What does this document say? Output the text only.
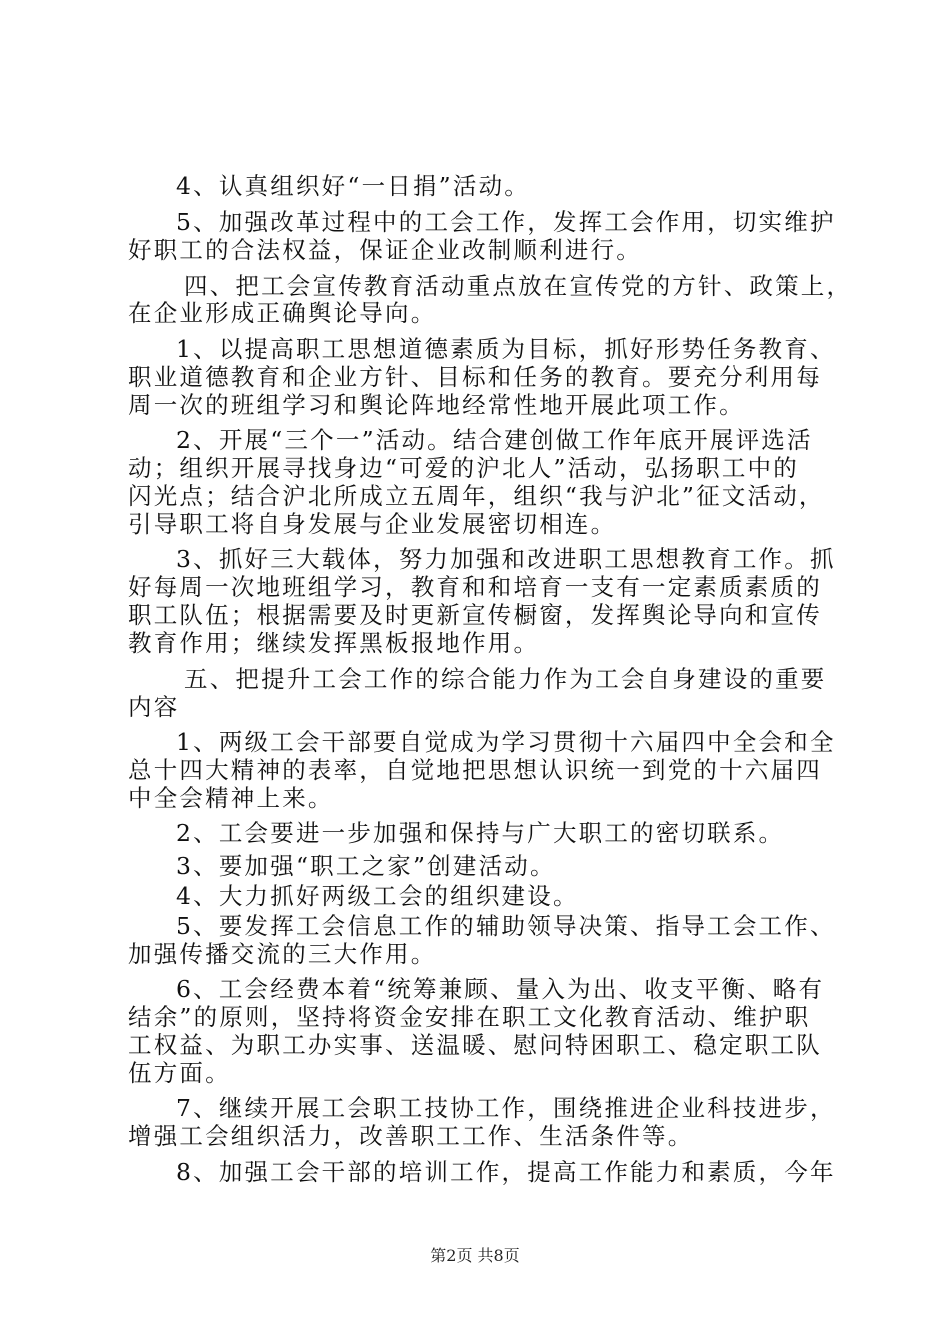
4、认真组织好“一日捐”活动。
5、加强改革过程中的工会工作，发挥工会作用，切实维护
好职工的合法权益，保证企业改制顺利进行。
四、把工会宣传教育活动重点放在宣传党的方针、政策上，
在企业形成正确舆论导向。
1、以提高职工思想道德素质为目标，抓好形势任务教育、
职业道德教育和企业方针、目标和任务的教育。要充分利用每
周一次的班组学习和舆论阵地经常性地开展此项工作。
2、开展“三个一”活动。结合建创做工作年底开展评选活
动；组织开展寻找身边“可爱的沪北人”活动，弘扬职工中的
闪光点；结合沪北所成立五周年，组织“我与沪北”征文活动，
引导职工将自身发展与企业发展密切相连。
3、抓好三大载体，努力加强和改进职工思想教育工作。抓
好每周一次地班组学习，教育和和培育一支有一定素质素质的
职工队伍；根据需要及时更新宣传橱窗，发挥舆论导向和宣传
教育作用；继续发挥黑板报地作用。
五、把提升工会工作的综合能力作为工会自身建设的重要
内容
1、两级工会干部要自觉成为学习贯彻十六届四中全会和全
总十四大精神的表率，自觉地把思想认识统一到党的十六届四
中全会精神上来。
2、工会要进一步加强和保持与广大职工的密切联系。
3、要加强“职工之家”创建活动。
4、大力抓好两级工会的组织建设。
5、要发挥工会信息工作的辅助领导决策、指导工会工作、
加强传播交流的三大作用。
6、工会经费本着“统筹兼顾、量入为出、收支平衡、略有
结余”的原则，坚持将资金安排在职工文化教育活动、维护职
工权益、为职工办实事、送温暖、慰问特困职工、稳定职工队
伍方面。
7、继续开展工会职工技协工作，围绕推进企业科技进步，
增强工会组织活力，改善职工工作、生活条件等。
8、加强工会干部的培训工作，提高工作能力和素质，今年
第2页 共8页
